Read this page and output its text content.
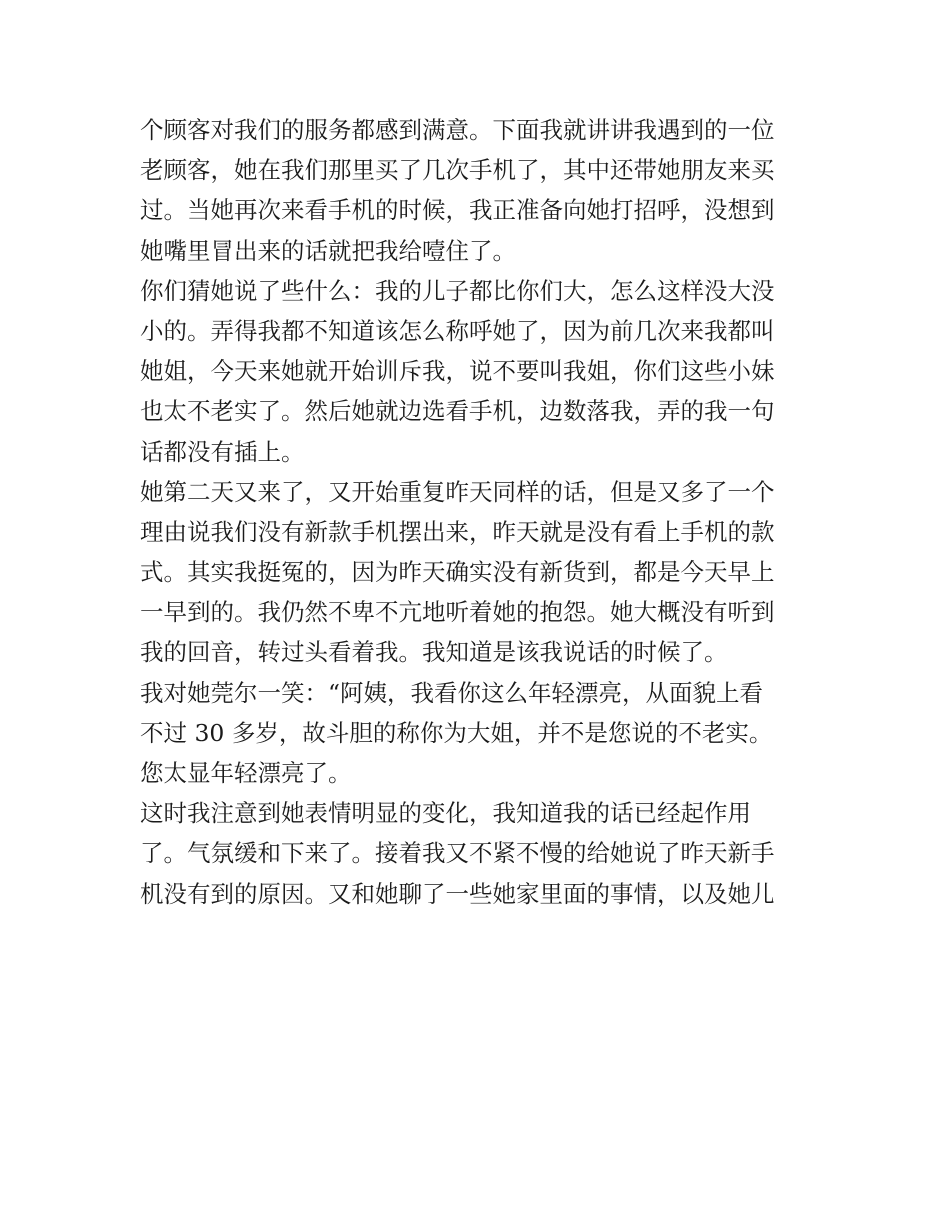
个顾客对我们的服务都感到满意。下面我就讲讲我遇到的一位
老顾客，她在我们那里买了几次手机了，其中还带她朋友来买
过。当她再次来看手机的时候，我正准备向她打招呼，没想到
她嘴里冒出来的话就把我给噎住了。
你们猜她说了些什么：我的儿子都比你们大，怎么这样没大没
小的。弄得我都不知道该怎么称呼她了，因为前几次来我都叫
她姐，今天来她就开始训斥我，说不要叫我姐，你们这些小妹
也太不老实了。然后她就边选看手机，边数落我，弄的我一句
话都没有插上。
她第二天又来了，又开始重复昨天同样的话，但是又多了一个
理由说我们没有新款手机摆出来，昨天就是没有看上手机的款
式。其实我挺冤的，因为昨天确实没有新货到，都是今天早上
一早到的。我仍然不卑不亢地听着她的抱怨。她大概没有听到
我的回音，转过头看着我。我知道是该我说话的时候了。
我对她莞尔一笑：“阿姨，我看你这么年轻漂亮，从面貌上看
不过 30 多岁，故斗胆的称你为大姐，并不是您说的不老实。
您太显年轻漂亮了。
这时我注意到她表情明显的变化，我知道我的话已经起作用
了。气氛缓和下来了。接着我又不紧不慢的给她说了昨天新手
机没有到的原因。又和她聊了一些她家里面的事情，以及她儿
